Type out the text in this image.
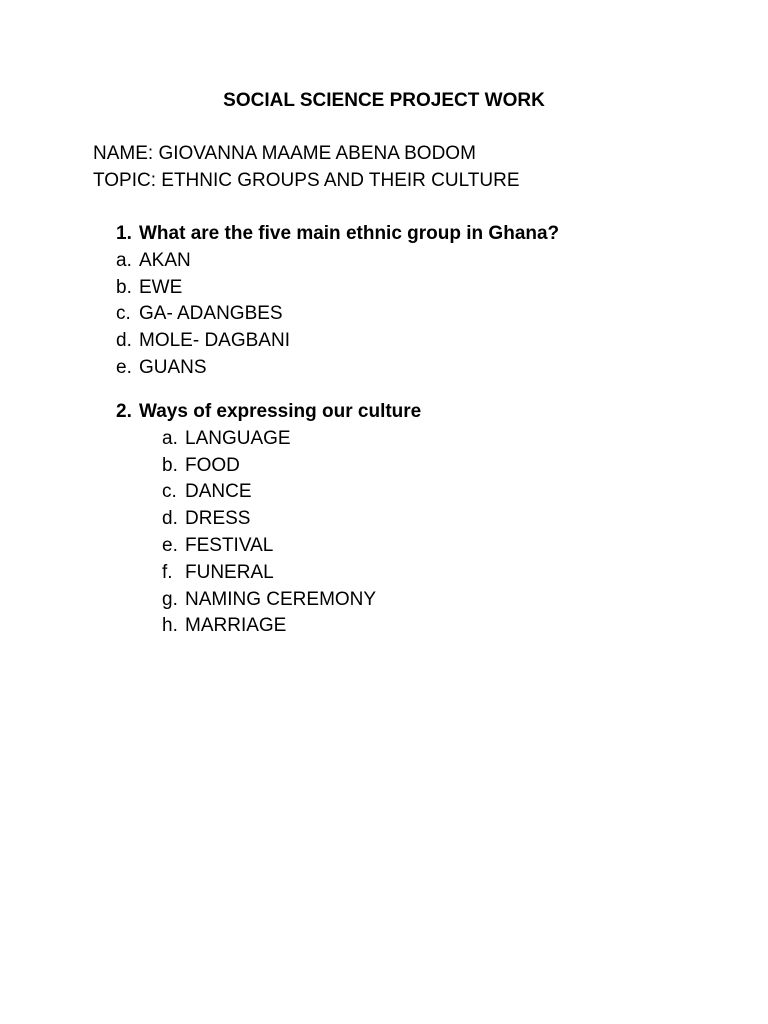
SOCIAL SCIENCE PROJECT WORK
NAME: GIOVANNA MAAME ABENA BODOM
TOPIC: ETHNIC GROUPS AND THEIR CULTURE
1. What are the five main ethnic group in Ghana?
a. AKAN
b. EWE
c. GA- ADANGBES
d. MOLE- DAGBANI
e. GUANS
2. Ways of expressing our culture
a. LANGUAGE
b. FOOD
c. DANCE
d. DRESS
e. FESTIVAL
f. FUNERAL
g. NAMING CEREMONY
h. MARRIAGE
